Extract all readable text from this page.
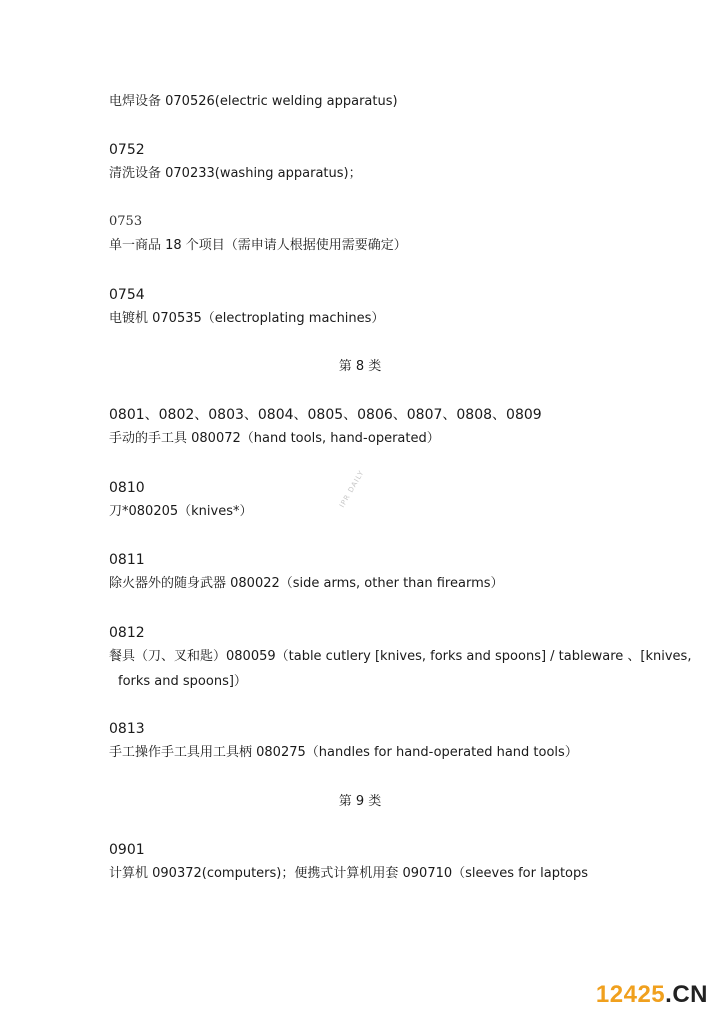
电焊设备 070526(electric welding apparatus)
0752
清洗设备 070233(washing apparatus)；
0753
单一商品 18 个项目（需申请人根据使用需要确定）
0754
电镀机 070535（electroplating machines）
第 8 类
0801、0802、0803、0804、0805、0806、0807、0808、0809
手动的手工具 080072（hand tools, hand-operated）
0810
刀*080205（knives*）
0811
除火器外的随身武器 080022（side arms, other than firearms）
0812
餐具（刀、叉和匙）080059（table cutlery [knives, forks and spoons] / tableware 、[knives,
forks and spoons]）
0813
手工操作手工具用工具柄 080275（handles for hand-operated hand tools）
第 9 类
0901
计算机 090372(computers)；便携式计算机用套 090710（sleeves for laptops
IPR DAILY
12425.CN
